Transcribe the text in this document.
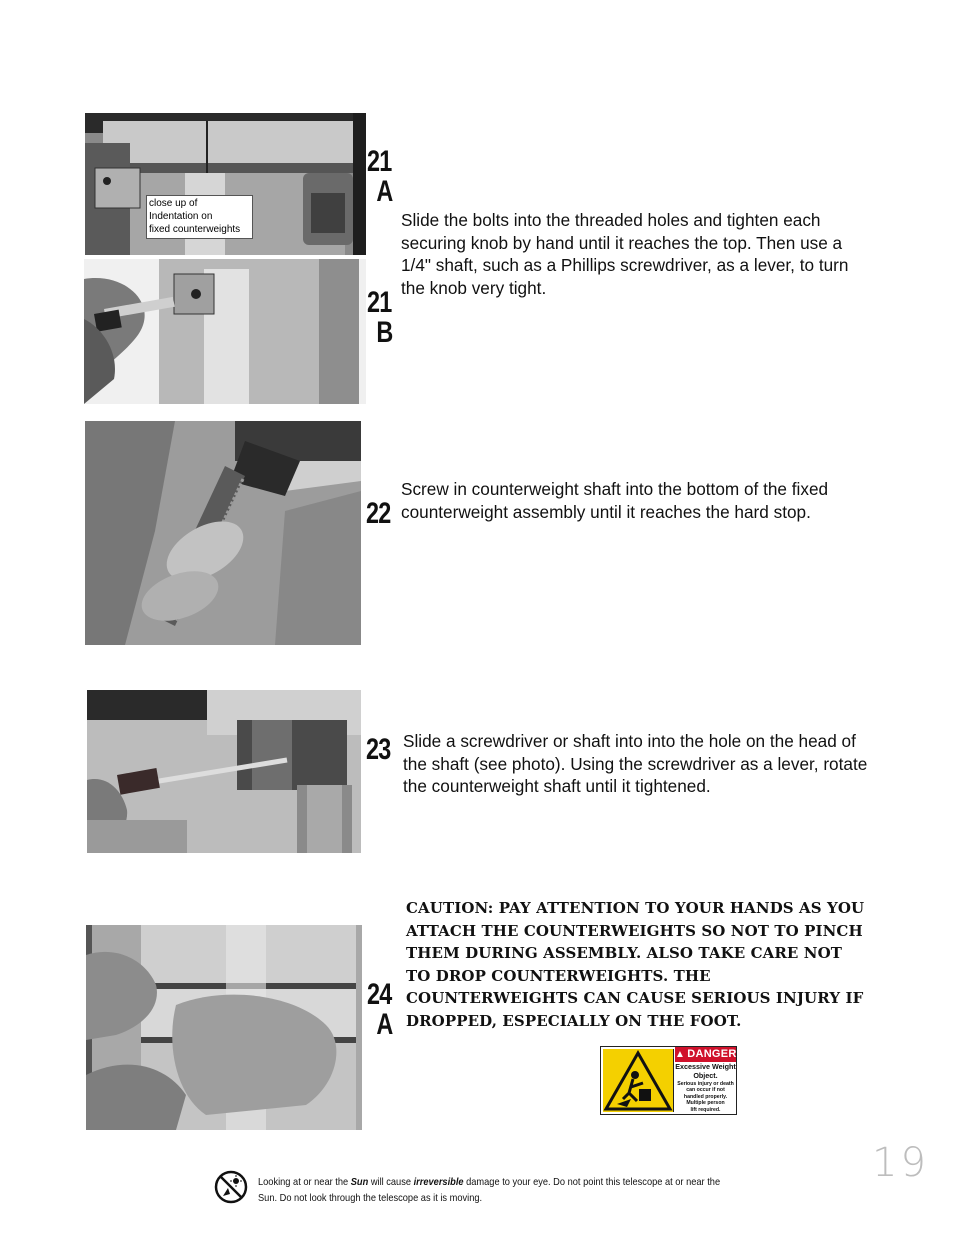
close up of
Indentation on
fixed counterweights
21
A
21
B
Slide the bolts into the threaded holes and tighten each securing knob by hand until it reaches the top. Then use a 1/4" shaft, such as a Phillips screwdriver, as a lever, to turn the knob very tight.
22
Screw in counterweight shaft into the bottom of the fixed counterweight assembly until it reaches the hard stop.
23 Slide a screwdriver or shaft into into the hole on the head of the shaft (see photo). Using the screwdriver as a lever, rotate the counterweight shaft until it tightened.
24
A
CAUTION: PAY ATTENTION TO YOUR HANDS AS YOU ATTACH THE COUNTERWEIGHTS SO NOT TO PINCH THEM DURING ASSEMBLY. ALSO TAKE CARE NOT TO DROP COUNTERWEIGHTS. THE COUNTERWEIGHTS CAN CAUSE SERIOUS INJURY IF DROPPED, ESPECIALLY ON THE FOOT.
▲ DANGER
Excessive Weight
Object.
Serious injury or death
can occur if not
handled properly.
Multiple person
lift required.
19
Looking at or near the Sun will cause irreversible damage to your eye. Do not point this telescope at or near the
Sun. Do not look through the telescope as it is moving.
